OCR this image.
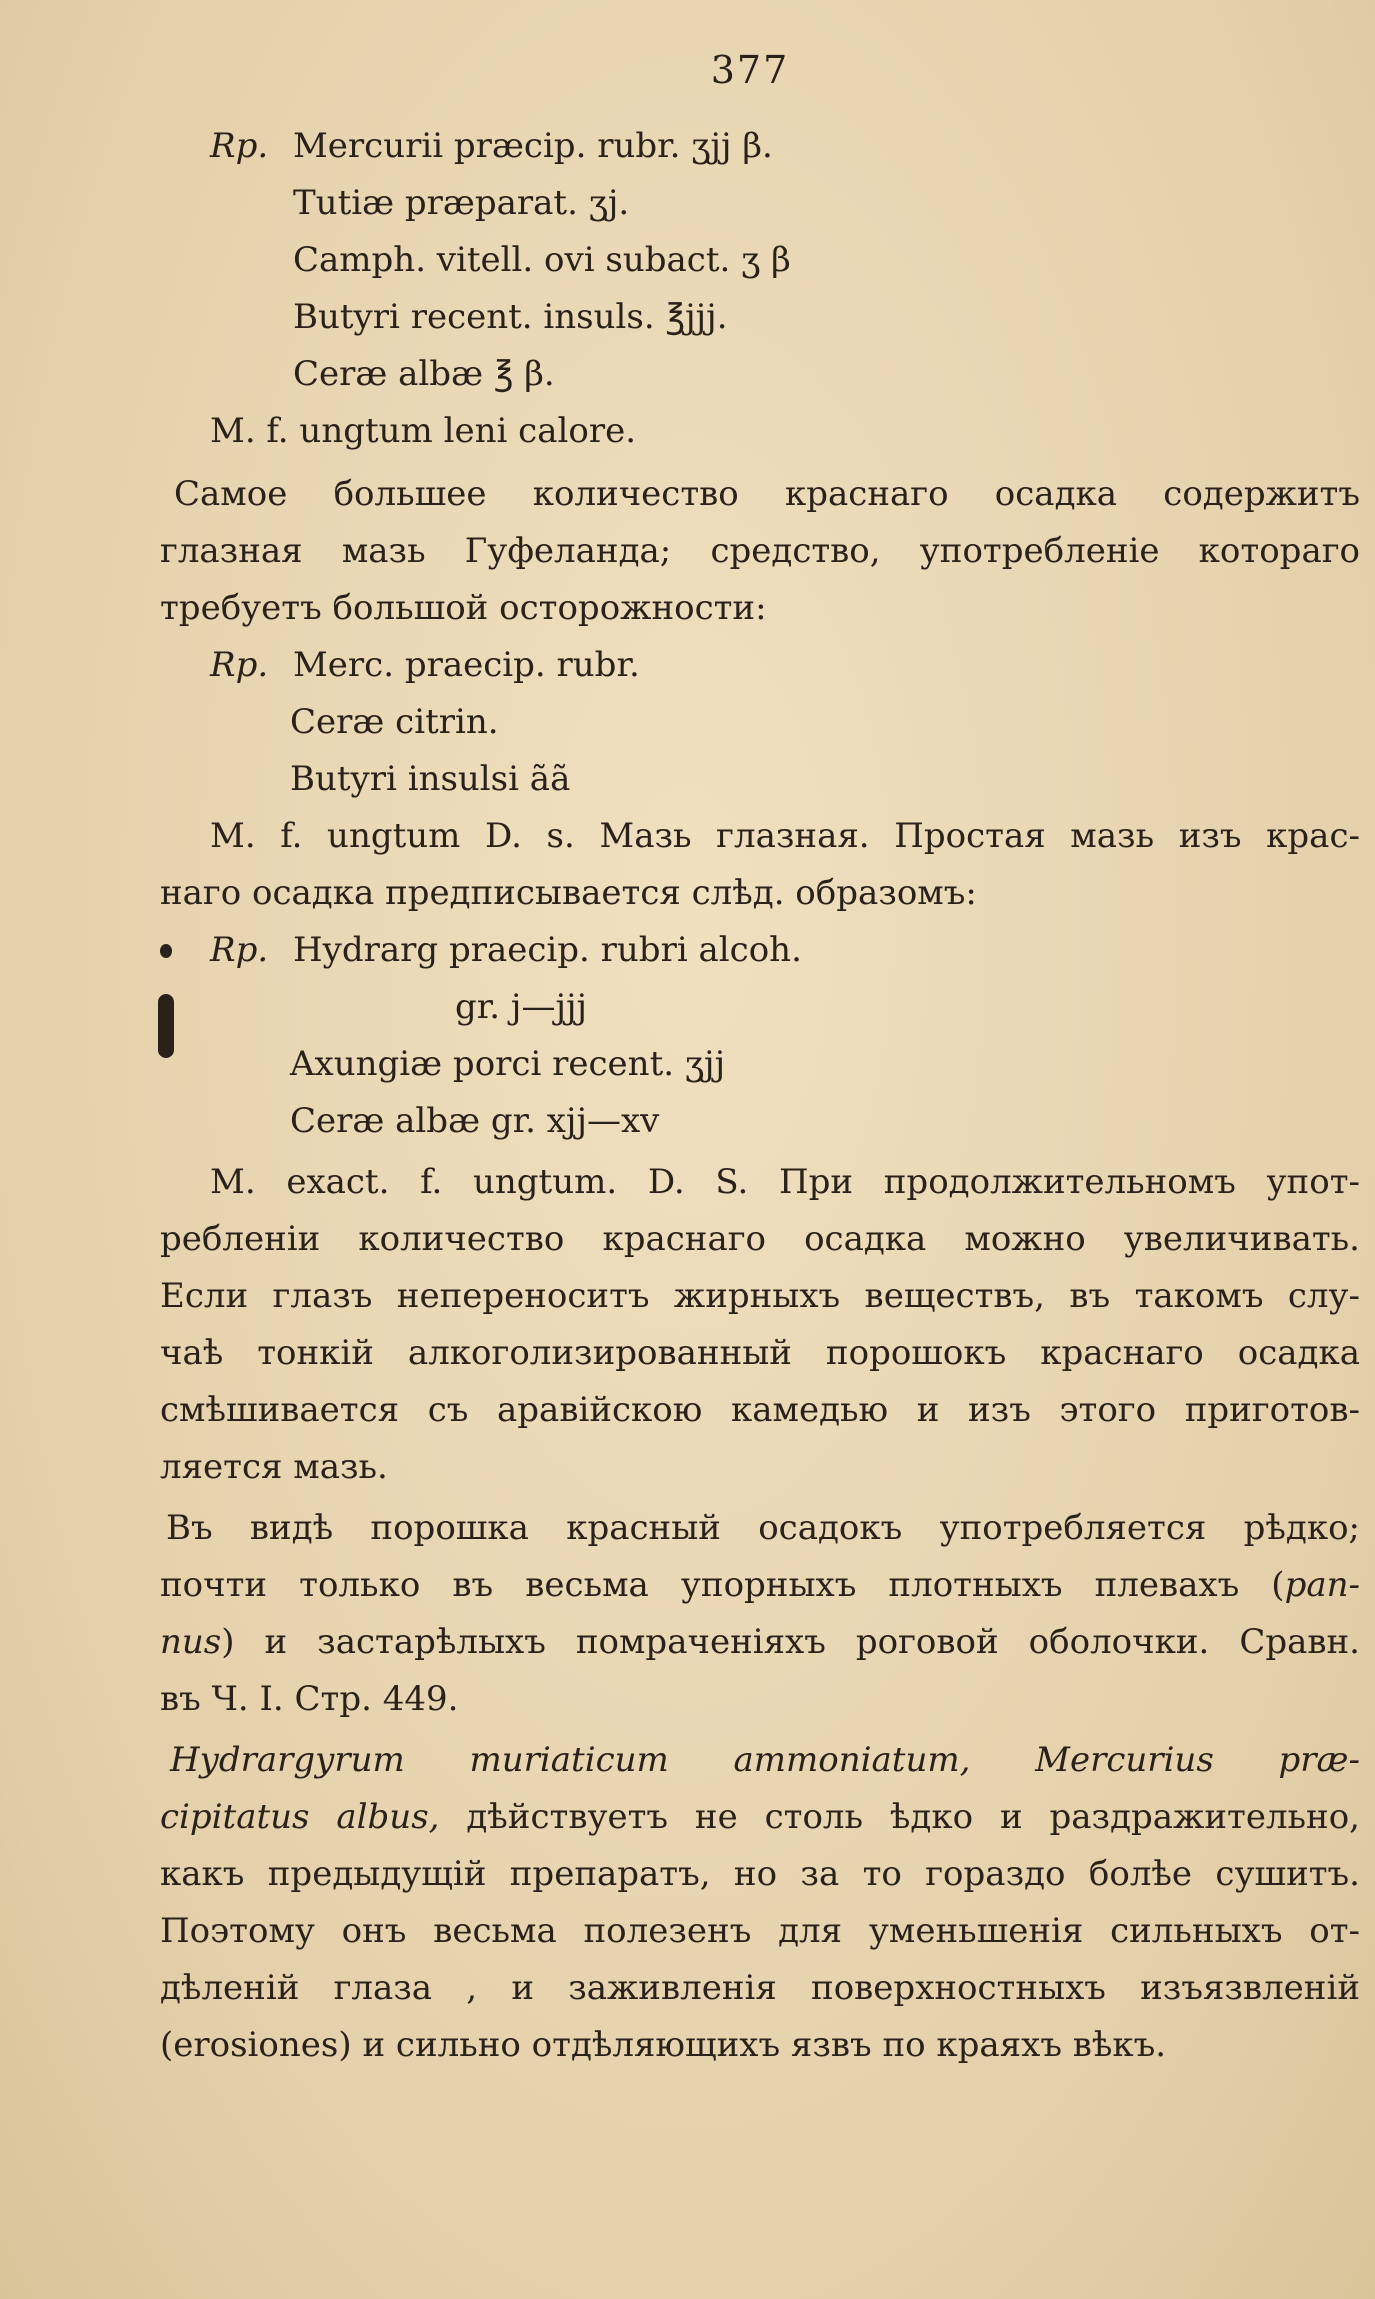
377
Rp. Mercurii præcip. rubr. ʒjj β.
Tutiæ præparat. ʒj.
Camph. vitell. ovi subact. ʒ β
Butyri recent. insuls. ℥jjj.
Ceræ albæ ℥ β.
M. f. ungtum leni calore.
Самое большее количество краснаго осадка содержитъ
глазная мазь Гуфеланда; средство, употребленіе котораго
требуетъ большой осторожности:
Rp. Merc. praecip. rubr.
Ceræ citrin.
Butyri insulsi ãã
M. f. ungtum D. s. Мазь глазная. Простая мазь изъ крас-
наго осадка предписывается слѣд. образомъ:
Rp. Hydrarg praecip. rubri alcoh.
gr. j—jjj
Axungiæ porci recent. ʒjj
Ceræ albæ gr. xjj—xv
M. exact. f. ungtum. D. S. При продолжительномъ упот-
ребленіи количество краснаго осадка можно увеличивать.
Если глазъ непереноситъ жирныхъ веществъ, въ такомъ слу-
чаѣ тонкій алкоголизированный порошокъ краснаго осадка
смѣшивается съ аравійскою камедью и изъ этого приготов-
ляется мазь.
Въ видѣ порошка красный осадокъ употребляется рѣдко;
почти только въ весьма упорныхъ плотныхъ плевахъ (pan-
nus) и застарѣлыхъ помраченіяхъ роговой оболочки. Сравн.
въ Ч. I. Стр. 449.
Hydrargyrum muriaticum ammoniatum, Mercurius præ-
cipitatus albus, дѣйствуетъ не столь ѣдко и раздражительно,
какъ предыдущій препаратъ, но за то гораздо болѣе сушитъ.
Поэтому онъ весьма полезенъ для уменьшенія сильныхъ от-
дѣленій глаза , и заживленія поверхностныхъ изъязвленій
(erosiones) и сильно отдѣляющихъ язвъ по краяхъ вѣкъ.
